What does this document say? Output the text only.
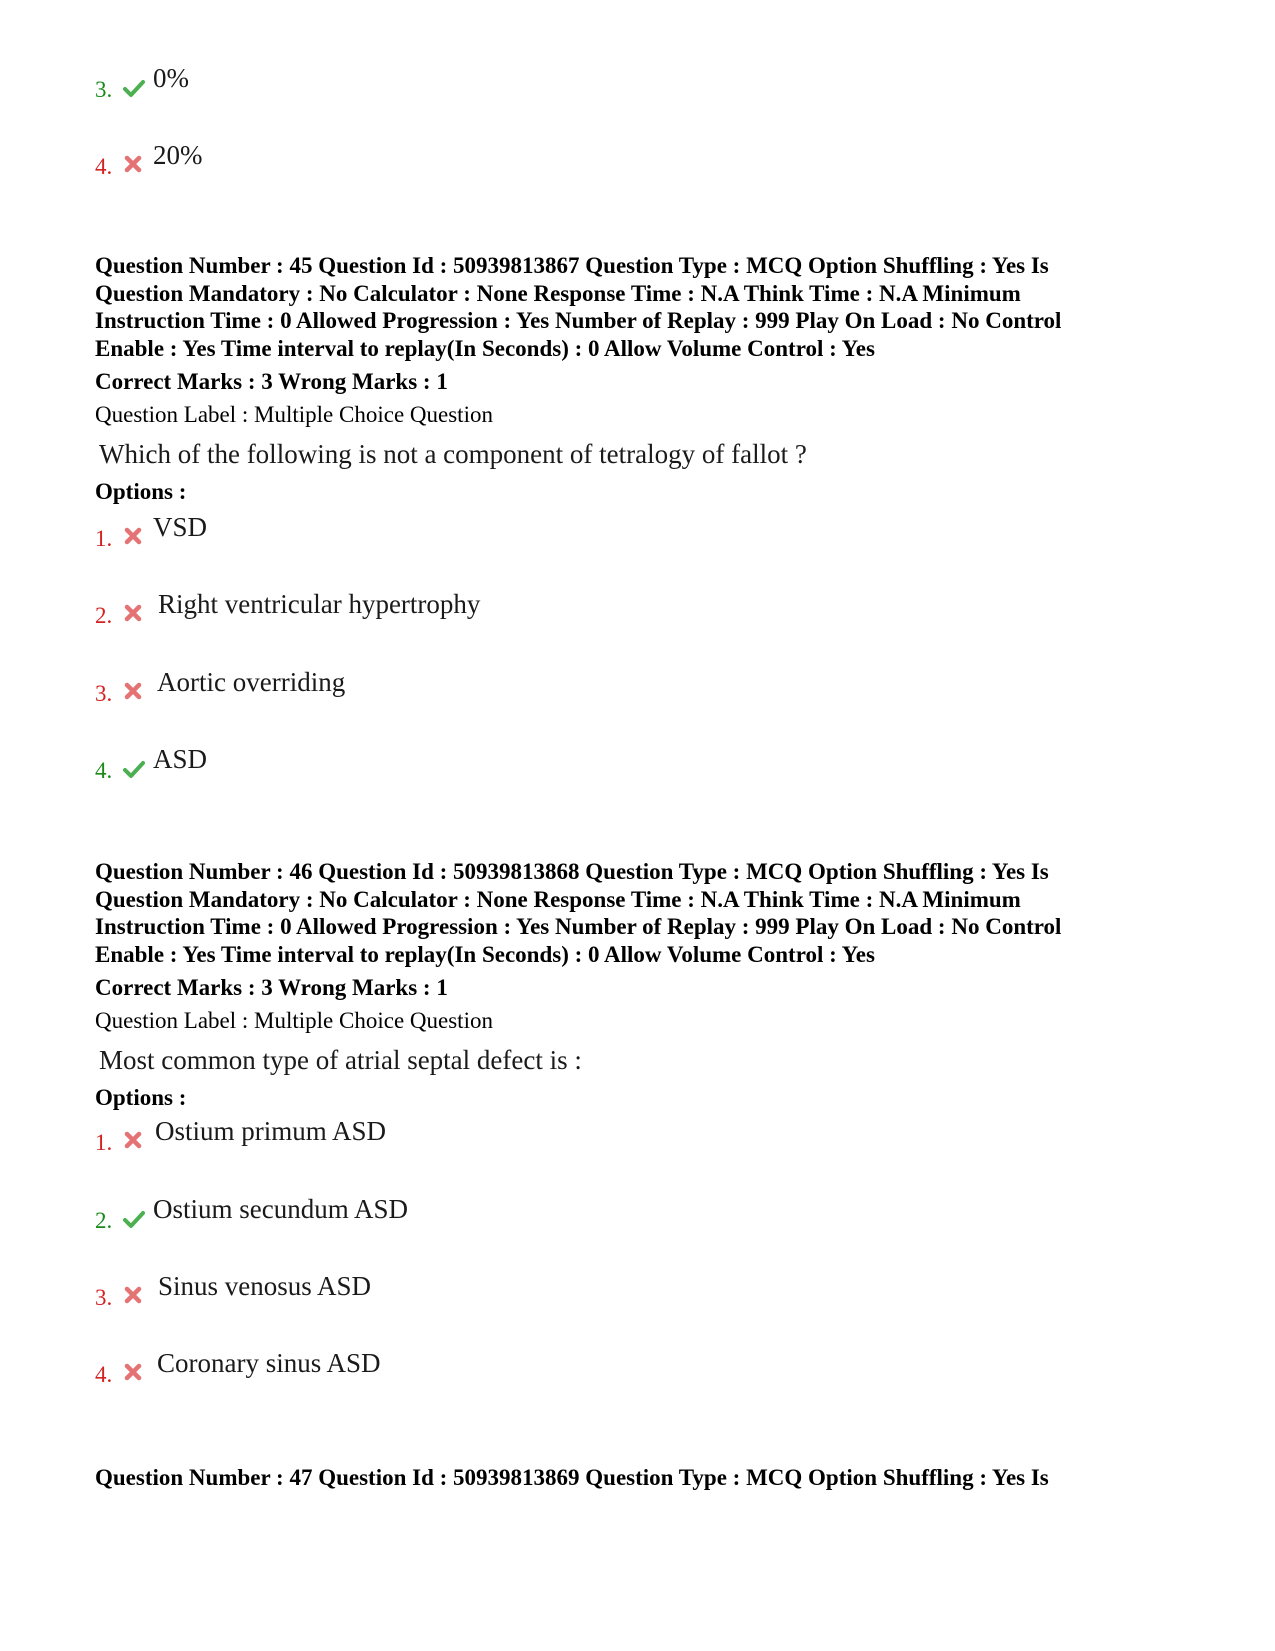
3. 0%
4. 20%
Question Number : 45 Question Id : 50939813867 Question Type : MCQ Option Shuffling : Yes Is
Question Mandatory : No Calculator : None Response Time : N.A Think Time : N.A Minimum
Instruction Time : 0 Allowed Progression : Yes Number of Replay : 999 Play On Load : No Control
Enable : Yes Time interval to replay(In Seconds) : 0 Allow Volume Control : Yes
Correct Marks : 3 Wrong Marks : 1
Question Label : Multiple Choice Question
Which of the following is not a component of tetralogy of fallot ?
Options :
1. VSD
2. Right ventricular hypertrophy
3. Aortic overriding
4. ASD
Question Number : 46 Question Id : 50939813868 Question Type : MCQ Option Shuffling : Yes Is
Question Mandatory : No Calculator : None Response Time : N.A Think Time : N.A Minimum
Instruction Time : 0 Allowed Progression : Yes Number of Replay : 999 Play On Load : No Control
Enable : Yes Time interval to replay(In Seconds) : 0 Allow Volume Control : Yes
Correct Marks : 3 Wrong Marks : 1
Question Label : Multiple Choice Question
Most common type of atrial septal defect is :
Options :
1. Ostium primum ASD
2. Ostium secundum ASD
3. Sinus venosus ASD
4. Coronary sinus ASD
Question Number : 47 Question Id : 50939813869 Question Type : MCQ Option Shuffling : Yes Is
